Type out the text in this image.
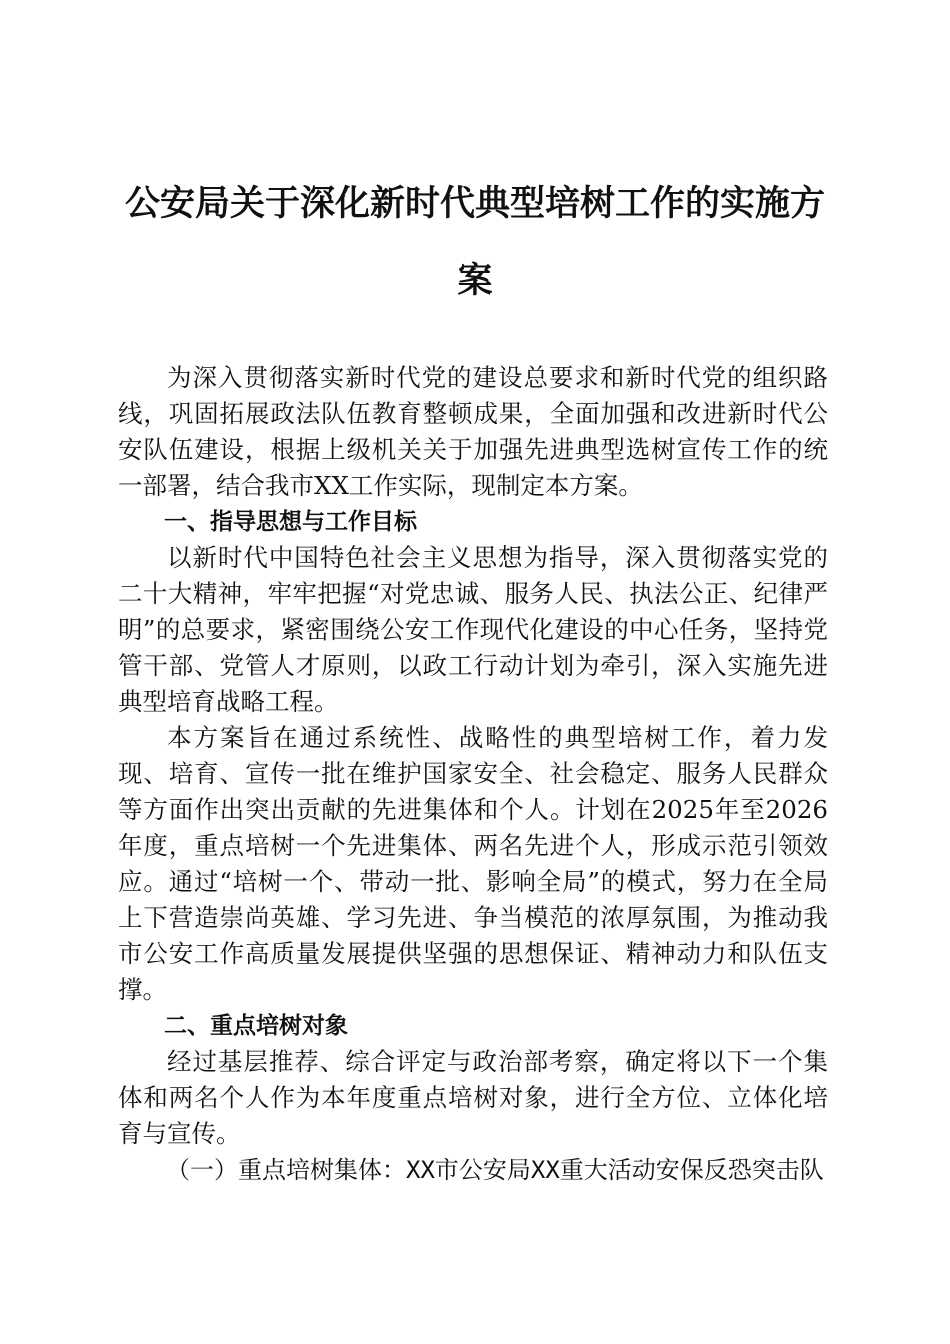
公安局关于深化新时代典型培树工作的实施方案

为深入贯彻落实新时代党的建设总要求和新时代党的组织路线，巩固拓展政法队伍教育整顿成果，全面加强和改进新时代公安队伍建设，根据上级机关关于加强先进典型选树宣传工作的统一部署，结合我市XX工作实际，现制定本方案。

一、指导思想与工作目标

以新时代中国特色社会主义思想为指导，深入贯彻落实党的二十大精神，牢牢把握“对党忠诚、服务人民、执法公正、纪律严明”的总要求，紧密围绕公安工作现代化建设的中心任务，坚持党管干部、党管人才原则，以政工行动计划为牵引，深入实施先进典型培育战略工程。

本方案旨在通过系统性、战略性的典型培树工作，着力发现、培育、宣传一批在维护国家安全、社会稳定、服务人民群众等方面作出突出贡献的先进集体和个人。计划在2025年至2026年度，重点培树一个先进集体、两名先进个人，形成示范引领效应。通过“培树一个、带动一批、影响全局”的模式，努力在全局上下营造崇尚英雄、学习先进、争当模范的浓厚氛围，为推动我市公安工作高质量发展提供坚强的思想保证、精神动力和队伍支撑。

二、重点培树对象

经过基层推荐、综合评定与政治部考察，确定将以下一个集体和两名个人作为本年度重点培树对象，进行全方位、立体化培育与宣传。

（一）重点培树集体：XX市公安局XX重大活动安保反恐突击队
